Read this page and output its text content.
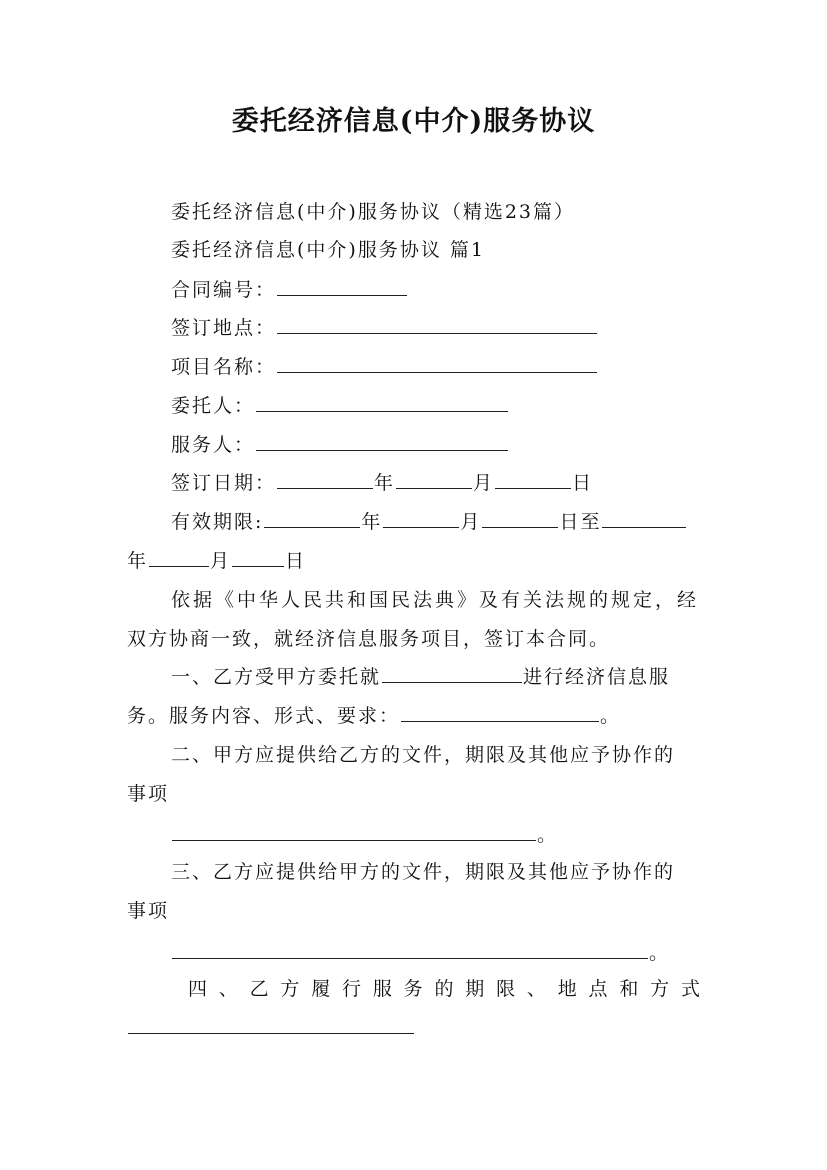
委托经济信息(中介)服务协议
委托经济信息(中介)服务协议（精选23篇）
委托经济信息(中介)服务协议 篇1
合同编号：
签订地点：
项目名称：
委托人：
服务人：
签订日期：	年	月	日
有效期限:	年	月	日至
年	月	日
依据《中华人民共和国民法典》及有关法规的规定，经
双方协商一致，就经济信息服务项目，签订本合同。
一、乙方受甲方委托就	进行经济信息服
务。服务内容、形式、要求：	。
二、甲方应提供给乙方的文件，期限及其他应予协作的
事项
。
三、乙方应提供给甲方的文件，期限及其他应予协作的
事项
。
四、乙方履行服务的期限、地点和方式
